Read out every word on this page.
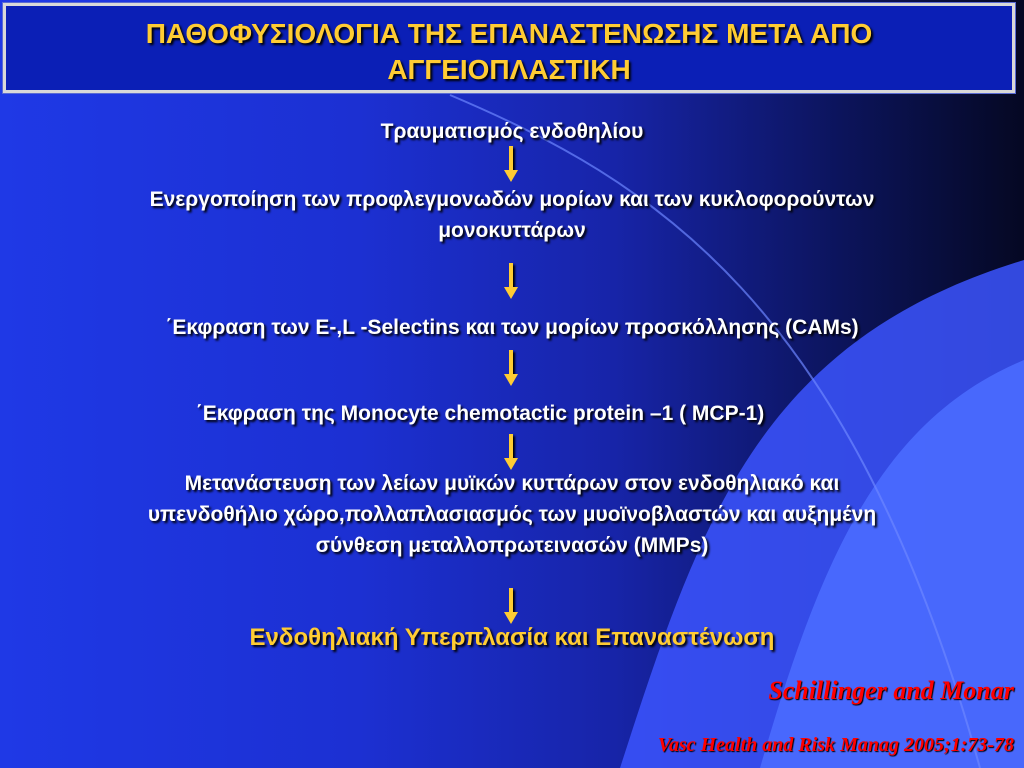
ΠΑΘΟΦΥΣΙΟΛΟΓΙΑ ΤΗΣ ΕΠΑΝΑΣΤΕΝΩΣΗΣ ΜΕΤΑ ΑΠΟ
ΑΓΓΕΙΟΠΛΑΣΤΙΚΗ
Τραυματισμός ενδοθηλίου
Ενεργοποίηση των προφλεγμονωδών μορίων και των κυκλοφορούντων
μονοκυττάρων
΄Εκφραση των E-,L -Selectins και των μορίων προσκόλλησης (CAMs)
΄Εκφραση της Monocyte chemotactic protein –1 ( MCP-1)
Μετανάστευση των λείων μυϊκών κυττάρων στον ενδοθηλιακό και
υπενδοθήλιο χώρο,πολλαπλασιασμός των μυοϊνοβλαστών και αυξημένη
σύνθεση μεταλλοπρωτεινασών (MMPs)
Ενδοθηλιακή Υπερπλασία και Επαναστένωση
Schillinger and Monar
Vasc Health and Risk Manag 2005;1:73-78
